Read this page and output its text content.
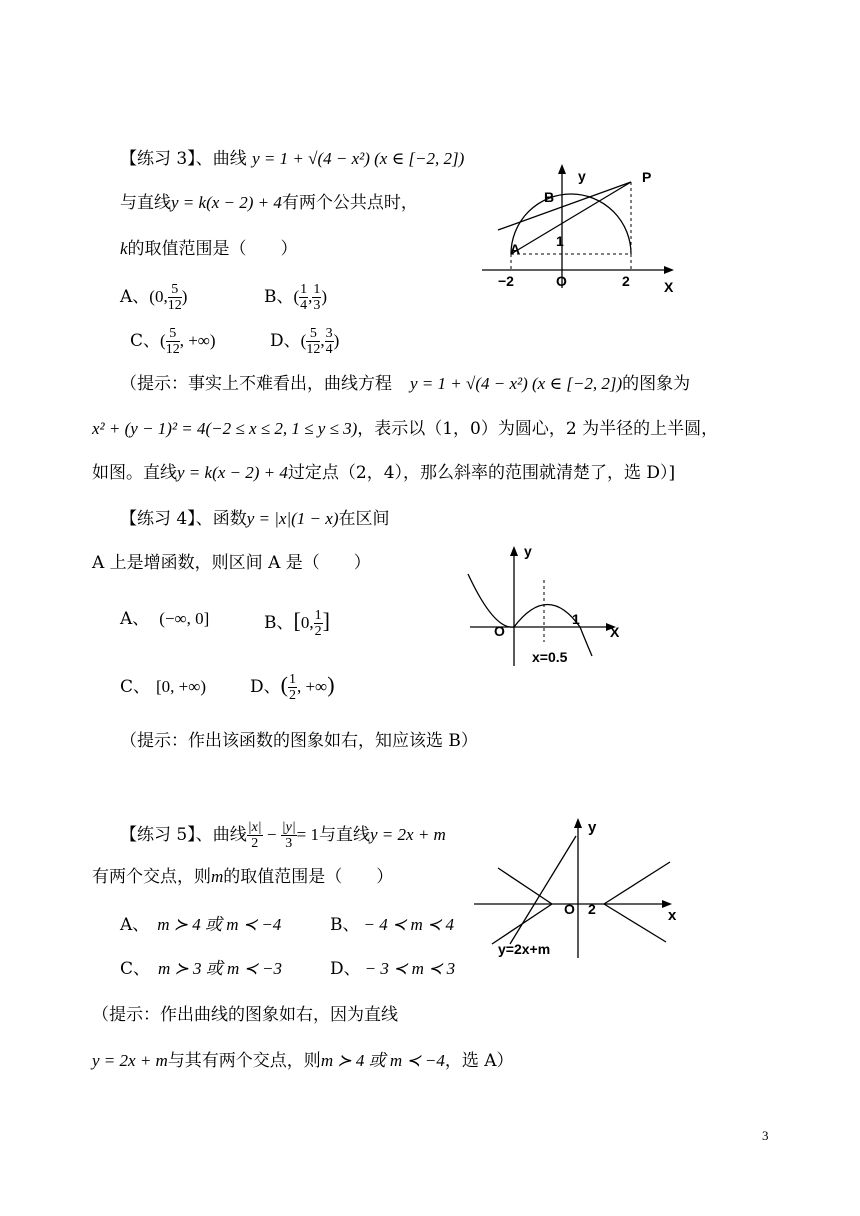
【练习 3】、曲线 y = 1 + √(4 − x²) (x ∈ [−2, 2])
与直线y = k(x − 2) + 4有两个公共点时，
k的取值范围是（　　）
A、(0, $\frac{5}{12}$ )	B、( $\frac{1}{4}$ , $\frac{1}{3}$ )
C、( $\frac{5}{12}$ , +∞)	D、( $\frac{5}{12}$ , $\frac{3}{4}$ )
y	P
B
A	1
−2	O	2 X
（提示：事实上不难看出，曲线方程 y = 1 + √(4 − x²) (x ∈ [−2, 2])的图象为
x² + (y − 1)² = 4(−2 ≤ x ≤ 2, 1 ≤ y ≤ 3)，表示以（1，0）为圆心，2 为半径的上半圆，
如图。直线y = k(x − 2) + 4过定点（2，4），那么斜率的范围就清楚了，选 D）]
【练习 4】、函数y = |x|(1 − x)在区间
A 上是增函数，则区间 A 是（　　）
A、 (−∞, 0]	B、[0, $\frac{1}{2}$ ]
C、 [0, +∞)	D、( $\frac{1}{2}$ , +∞)
y
O
1
X
x=0.5
（提示：作出该函数的图象如右，知应该选 B）
【练习 5】、曲线 $\frac{|x|}{2} - \frac{|y|}{3} = 1$与直线y = 2x + m
有两个交点，则m的取值范围是（　　）
A、 m ≻ 4 或 m ≺ −4	B、 − 4 ≺ m ≺ 4
C、 m ≻ 3 或 m ≺ −3	D、 − 3 ≺ m ≺ 3
y
O 2	x
y=2x+m
（提示：作出曲线的图象如右，因为直线
y = 2x + m与其有两个交点，则m ≻ 4 或 m ≺ −4，选 A）
3
